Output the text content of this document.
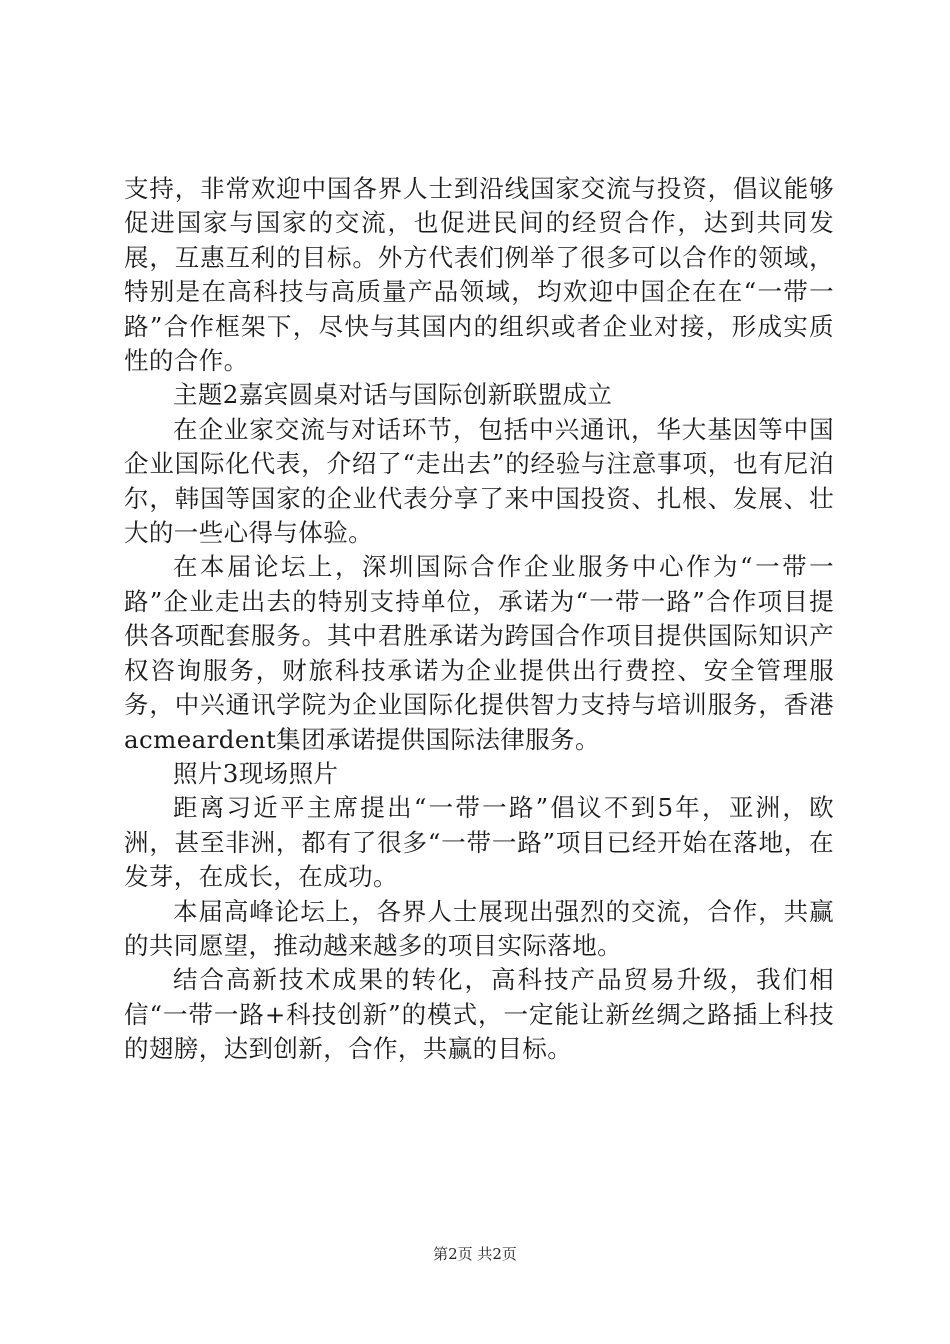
支持，非常欢迎中国各界人士到沿线国家交流与投资，倡议能够促进国家与国家的交流，也促进民间的经贸合作，达到共同发展，互惠互利的目标。外方代表们例举了很多可以合作的领域，特别是在高科技与高质量产品领域，均欢迎中国企在在“一带一路”合作框架下，尽快与其国内的组织或者企业对接，形成实质性的合作。

主题2嘉宾圆桌对话与国际创新联盟成立

在企业家交流与对话环节，包括中兴通讯，华大基因等中国企业国际化代表，介绍了“走出去”的经验与注意事项，也有尼泊尔，韩国等国家的企业代表分享了来中国投资、扎根、发展、壮大的一些心得与体验。

在本届论坛上，深圳国际合作企业服务中心作为“一带一路”企业走出去的特别支持单位，承诺为“一带一路”合作项目提供各项配套服务。其中君胜承诺为跨国合作项目提供国际知识产权咨询服务，财旅科技承诺为企业提供出行费控、安全管理服务，中兴通讯学院为企业国际化提供智力支持与培训服务，香港acmeardent集团承诺提供国际法律服务。

照片3现场照片

距离习近平主席提出“一带一路”倡议不到5年，亚洲，欧洲，甚至非洲，都有了很多“一带一路”项目已经开始在落地，在发芽，在成长，在成功。

本届高峰论坛上，各界人士展现出强烈的交流，合作，共赢的共同愿望，推动越来越多的项目实际落地。

结合高新技术成果的转化，高科技产品贸易升级，我们相信“一带一路+科技创新”的模式，一定能让新丝绸之路插上科技的翅膀，达到创新，合作，共赢的目标。

第2页 共2页
